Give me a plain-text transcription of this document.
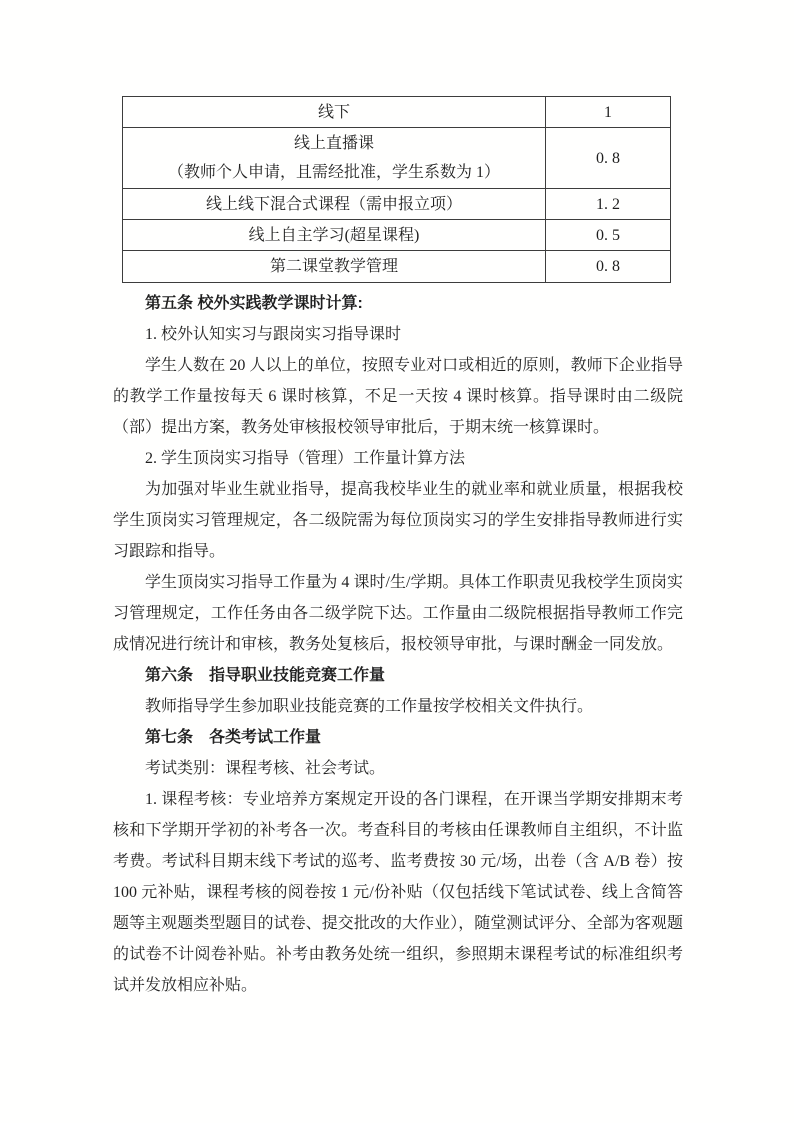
线下	1

线上直播课
（教师个人申请，且需经批准，学生系数为 1）	0. 8
线上线下混合式课程（需申报立项）	1. 2
线上自主学习(超星课程)	0. 5
第二课堂教学管理	0. 8

第五条 校外实践教学课时计算:

1. 校外认知实习与跟岗实习指导课时

学生人数在 20 人以上的单位，按照专业对口或相近的原则，教师下企业指导的教学工作量按每天 6 课时核算，不足一天按 4 课时核算。指导课时由二级院（部）提出方案，教务处审核报校领导审批后，于期末统一核算课时。

2. 学生顶岗实习指导（管理）工作量计算方法

为加强对毕业生就业指导，提高我校毕业生的就业率和就业质量，根据我校学生顶岗实习管理规定，各二级院需为每位顶岗实习的学生安排指导教师进行实习跟踪和指导。

学生顶岗实习指导工作量为 4 课时/生/学期。具体工作职责见我校学生顶岗实习管理规定，工作任务由各二级学院下达。工作量由二级院根据指导教师工作完成情况进行统计和审核，教务处复核后，报校领导审批，与课时酬金一同发放。

第六条　指导职业技能竞赛工作量

教师指导学生参加职业技能竞赛的工作量按学校相关文件执行。

第七条　各类考试工作量

考试类别：课程考核、社会考试。

1. 课程考核：专业培养方案规定开设的各门课程，在开课当学期安排期末考核和下学期开学初的补考各一次。考查科目的考核由任课教师自主组织，不计监考费。考试科目期末线下考试的巡考、监考费按 30 元/场，出卷（含 A/B 卷）按 100 元补贴，课程考核的阅卷按 1 元/份补贴（仅包括线下笔试试卷、线上含简答题等主观题类型题目的试卷、提交批改的大作业），随堂测试评分、全部为客观题的试卷不计阅卷补贴。补考由教务处统一组织，参照期末课程考试的标准组织考试并发放相应补贴。
